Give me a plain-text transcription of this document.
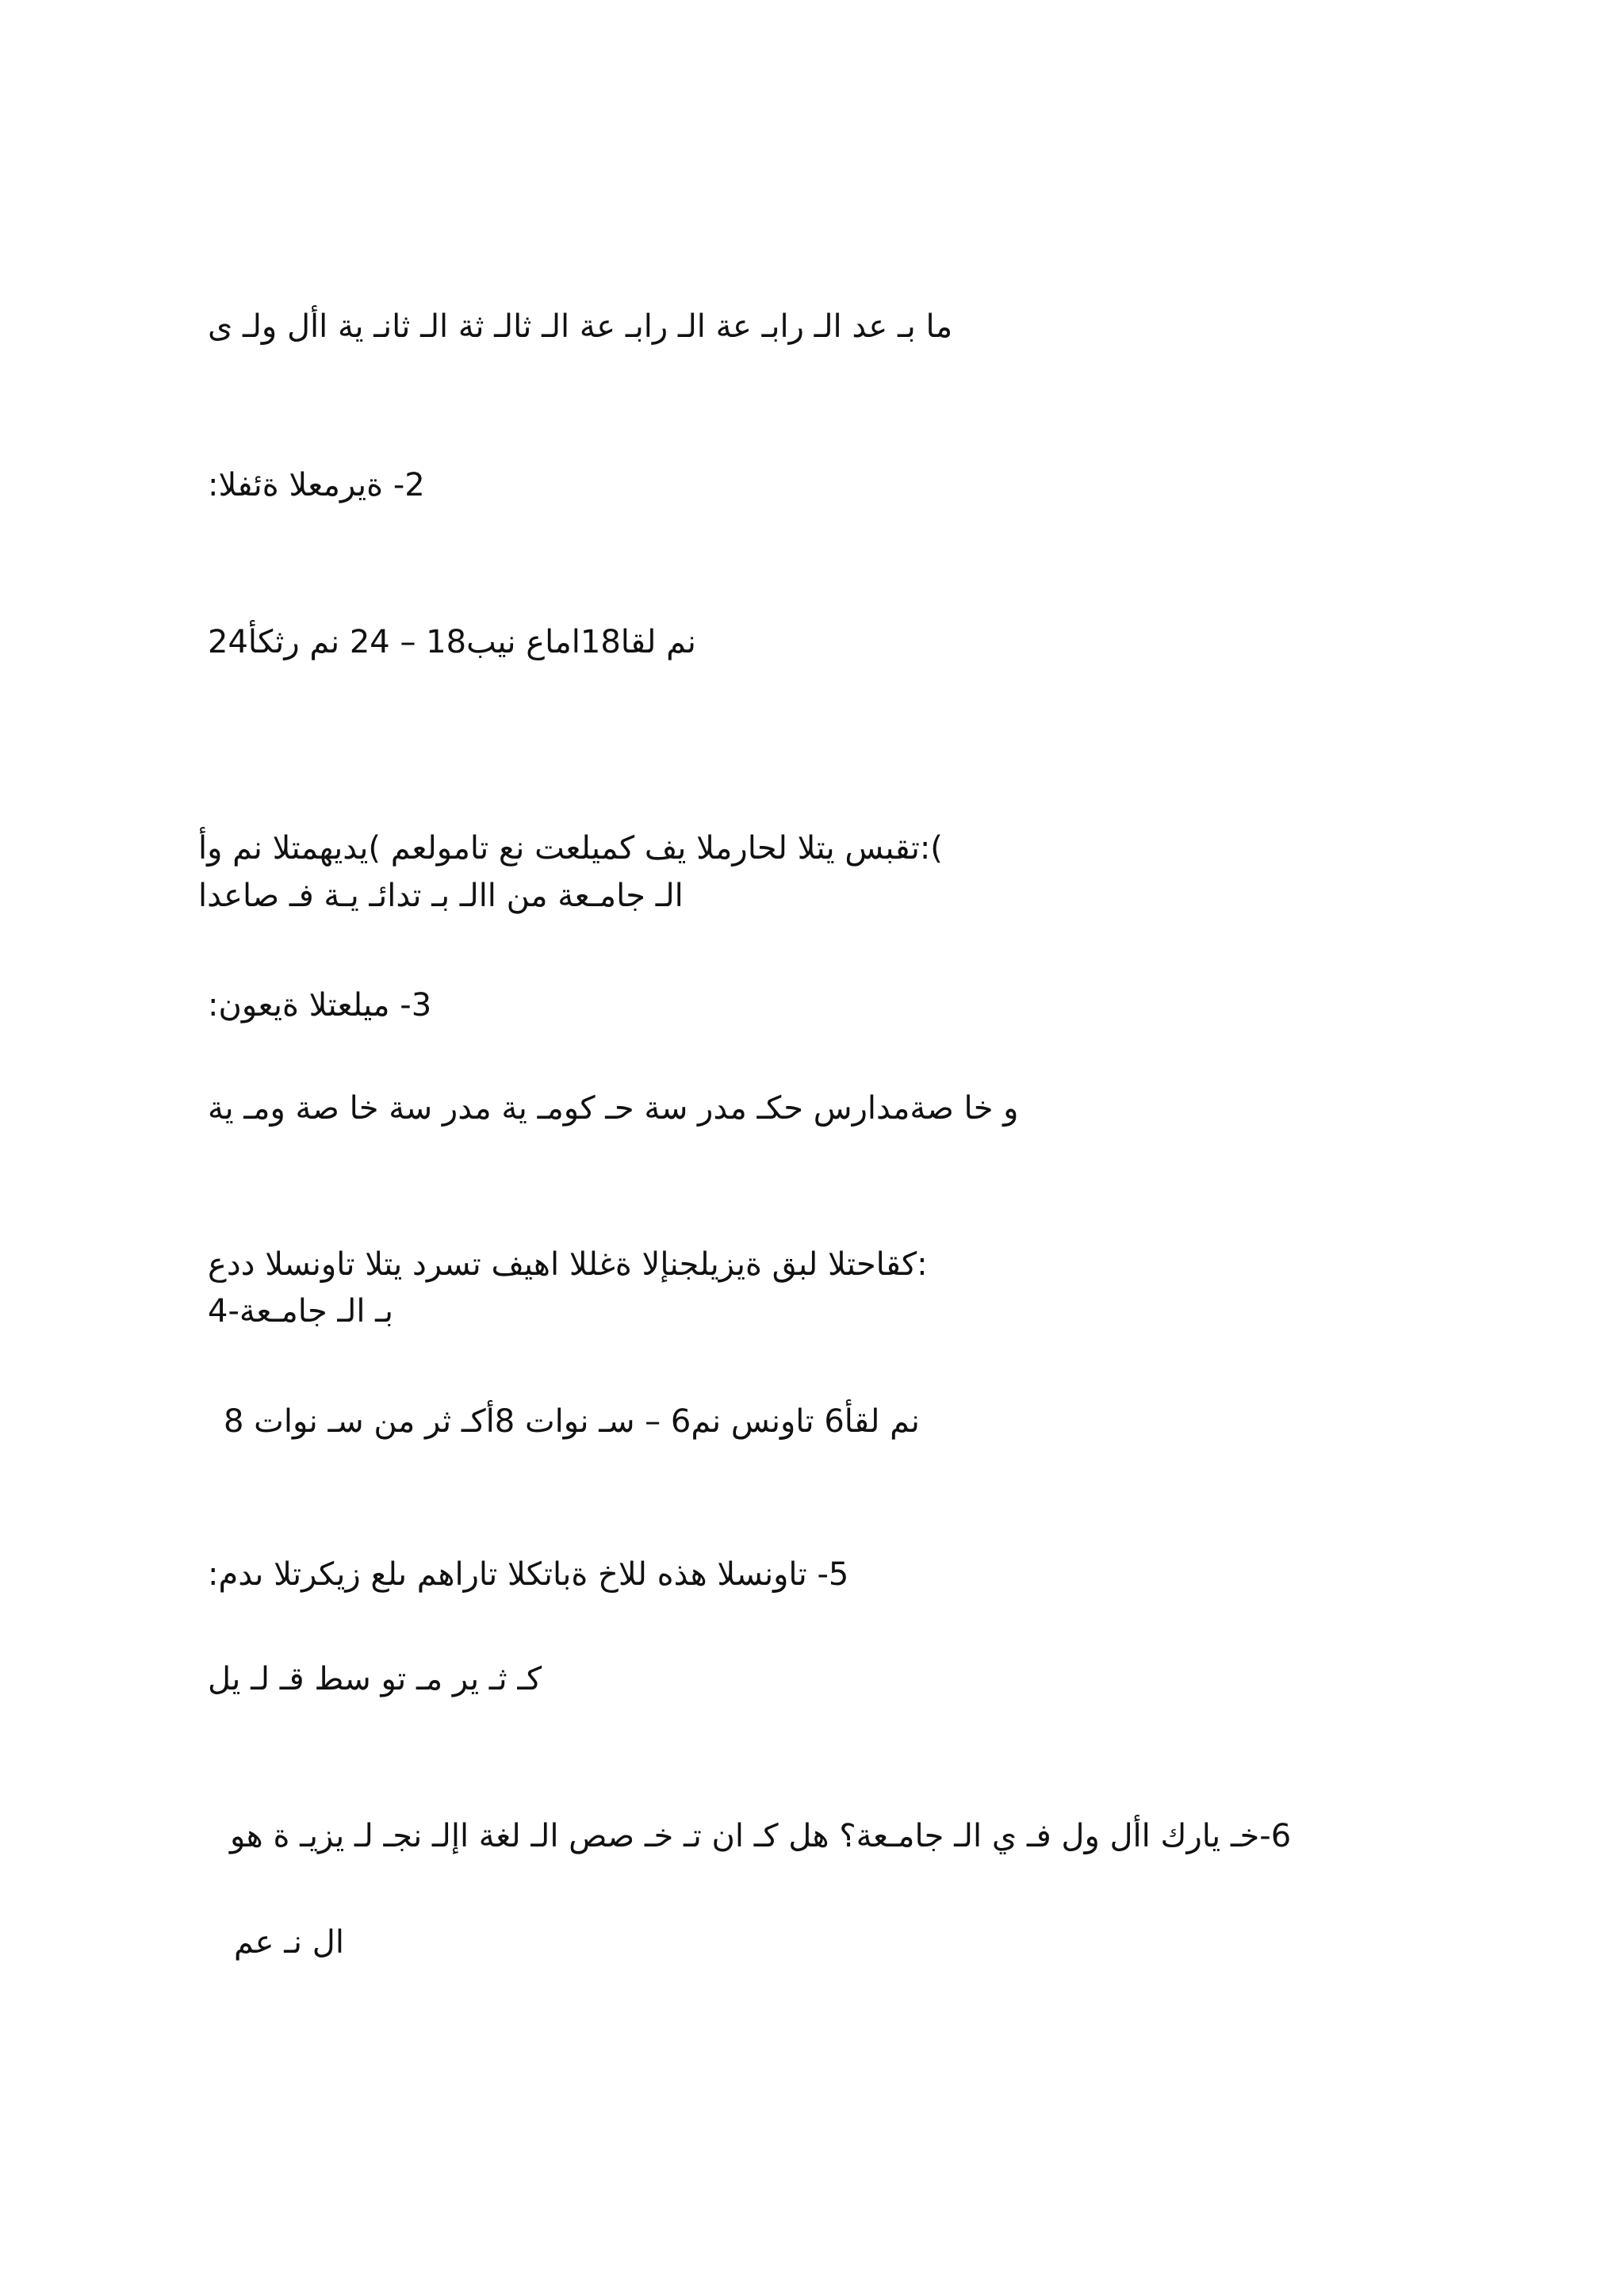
ما بـ عد الـ رابـ عة الـ رابـ عة الـ ثالـ ثة الـ ثانـ ية األ ولـ ى
2- ةيرمعلا ةئفلا:
نم لقا18اماع نيب18 – 24 نم رثكأ24
تقبس يتلا لحارملا يف كميلعت نع تامولعم )يديهمتلا نم وأ:(
الـ جامـعة من االـ بـ تدائـ يـة فـ صاعدا
3- ميلعتلا ةيعون:
و خا صةمدارس حكـ مدر سة حـ كومـ ية مدر سة خا صة ومـ ية
كقاحتلا لبق ةيزيلجنإلا ةغللا اهيف تسرد يتلا تاونسلا ددع:
4-بـ الـ جامـعة
نم لقأ6 تاونس نم6 – سـ نوات 8أكـ ثر من سـ نوات 8
5- تاونسلا هذه للاخ ةباتكلا تاراهم ىلع زيكرتلا ىدم:
كـ ثـ ير مـ تو سط قـ لـ يل
6-خـ يارك األ ول فـ ي الـ جامـعة؟ هل كـ ان تـ خـ صص الـ لغة اإلـ نجـ لـ يزيـ ة هو
ال نـ عم
